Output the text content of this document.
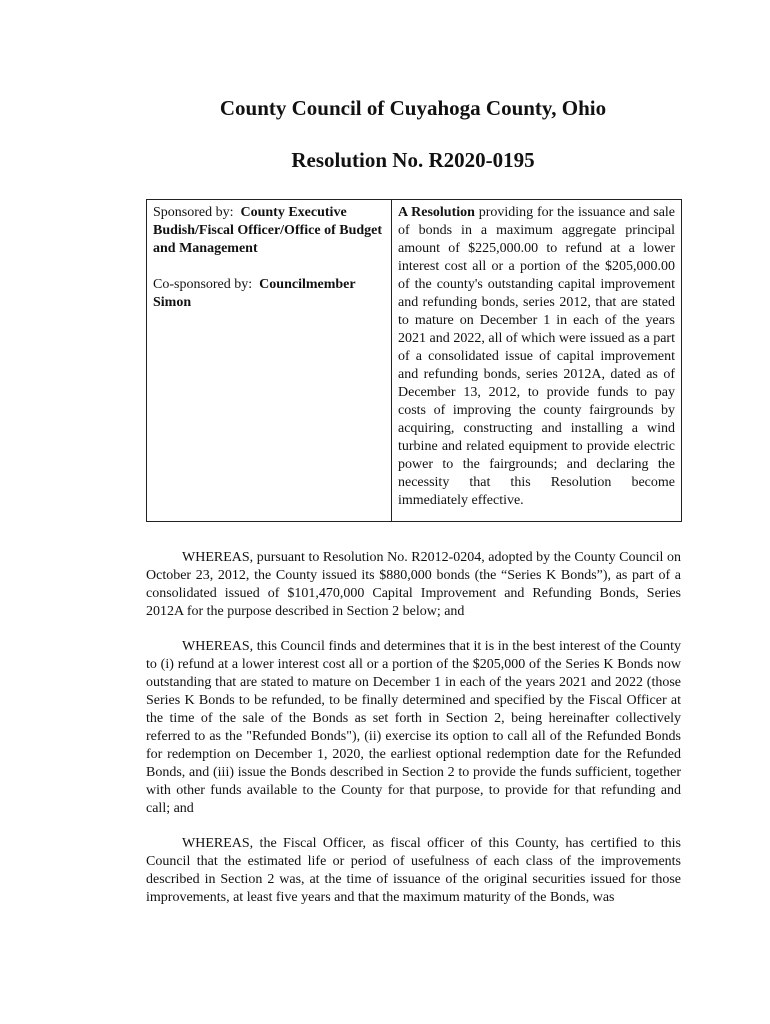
County Council of Cuyahoga County, Ohio
Resolution No. R2020-0195

Sponsored by: County Executive Budish/Fiscal Officer/Office of Budget and Management

Co-sponsored by: Councilmember Simon

A Resolution providing for the issuance and sale of bonds in a maximum aggregate principal amount of $225,000.00 to refund at a lower interest cost all or a portion of the $205,000.00 of the county's outstanding capital improvement and refunding bonds, series 2012, that are stated to mature on December 1 in each of the years 2021 and 2022, all of which were issued as a part of a consolidated issue of capital improvement and refunding bonds, series 2012A, dated as of December 13, 2012, to provide funds to pay costs of improving the county fairgrounds by acquiring, constructing and installing a wind turbine and related equipment to provide electric power to the fairgrounds; and declaring the necessity that this Resolution become immediately effective.

WHEREAS, pursuant to Resolution No. R2012-0204, adopted by the County Council on October 23, 2012, the County issued its $880,000 bonds (the “Series K Bonds”), as part of a consolidated issued of $101,470,000 Capital Improvement and Refunding Bonds, Series 2012A for the purpose described in Section 2 below; and

WHEREAS, this Council finds and determines that it is in the best interest of the County to (i) refund at a lower interest cost all or a portion of the $205,000 of the Series K Bonds now outstanding that are stated to mature on December 1 in each of the years 2021 and 2022 (those Series K Bonds to be refunded, to be finally determined and specified by the Fiscal Officer at the time of the sale of the Bonds as set forth in Section 2, being hereinafter collectively referred to as the "Refunded Bonds"), (ii) exercise its option to call all of the Refunded Bonds for redemption on December 1, 2020, the earliest optional redemption date for the Refunded Bonds, and (iii) issue the Bonds described in Section 2 to provide the funds sufficient, together with other funds available to the County for that purpose, to provide for that refunding and call; and

WHEREAS, the Fiscal Officer, as fiscal officer of this County, has certified to this Council that the estimated life or period of usefulness of each class of the improvements described in Section 2 was, at the time of issuance of the original securities issued for those improvements, at least five years and that the maximum maturity of the Bonds, was
